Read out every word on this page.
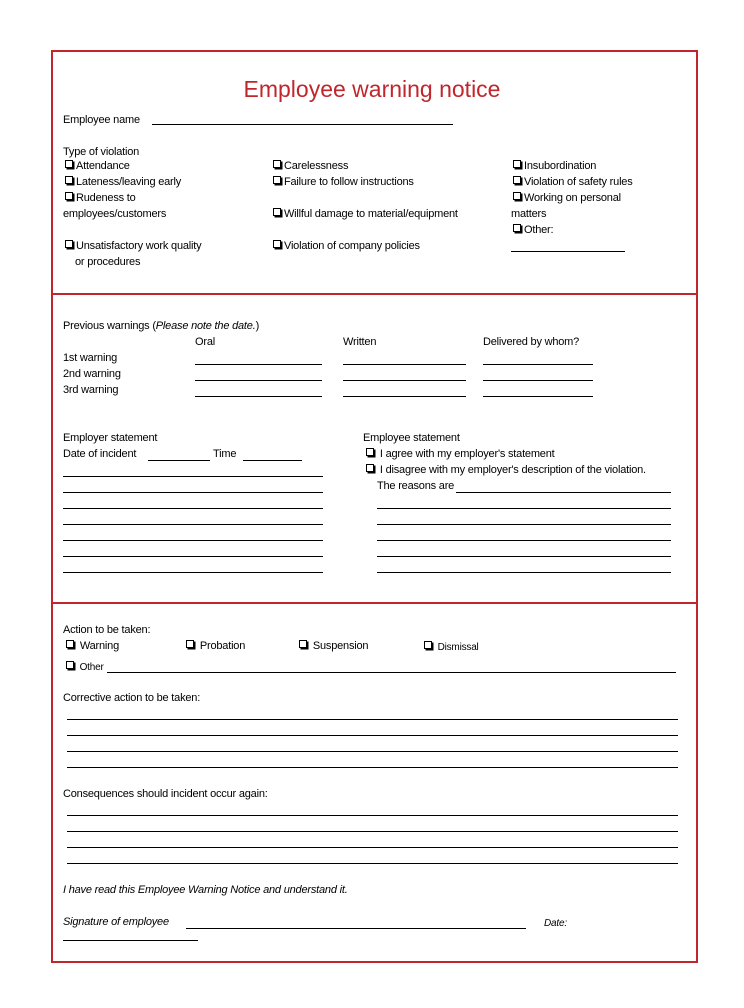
Employee warning notice
Employee name
Type of violation
Attendance
Lateness/leaving early
Rudeness to
employees/customers
Unsatisfactory work quality
or procedures
Carelessness
Failure to follow instructions
Willful damage to material/equipment
Violation of company policies
Insubordination
Violation of safety rules
Working on personal
matters
Other:
Previous warnings (Please note the date.)
Oral	Written	Delivered by whom?
1st warning
2nd warning
3rd warning
Employer statement
Date of incident	Time
Employee statement
I agree with my employer's statement
I disagree with my employer's description of the violation.
The reasons are
Action to be taken:
Warning	Probation	Suspension	Dismissal
Other
Corrective action to be taken:
Consequences should incident occur again:
I have read this Employee Warning Notice and understand it.
Signature of employee	Date:
